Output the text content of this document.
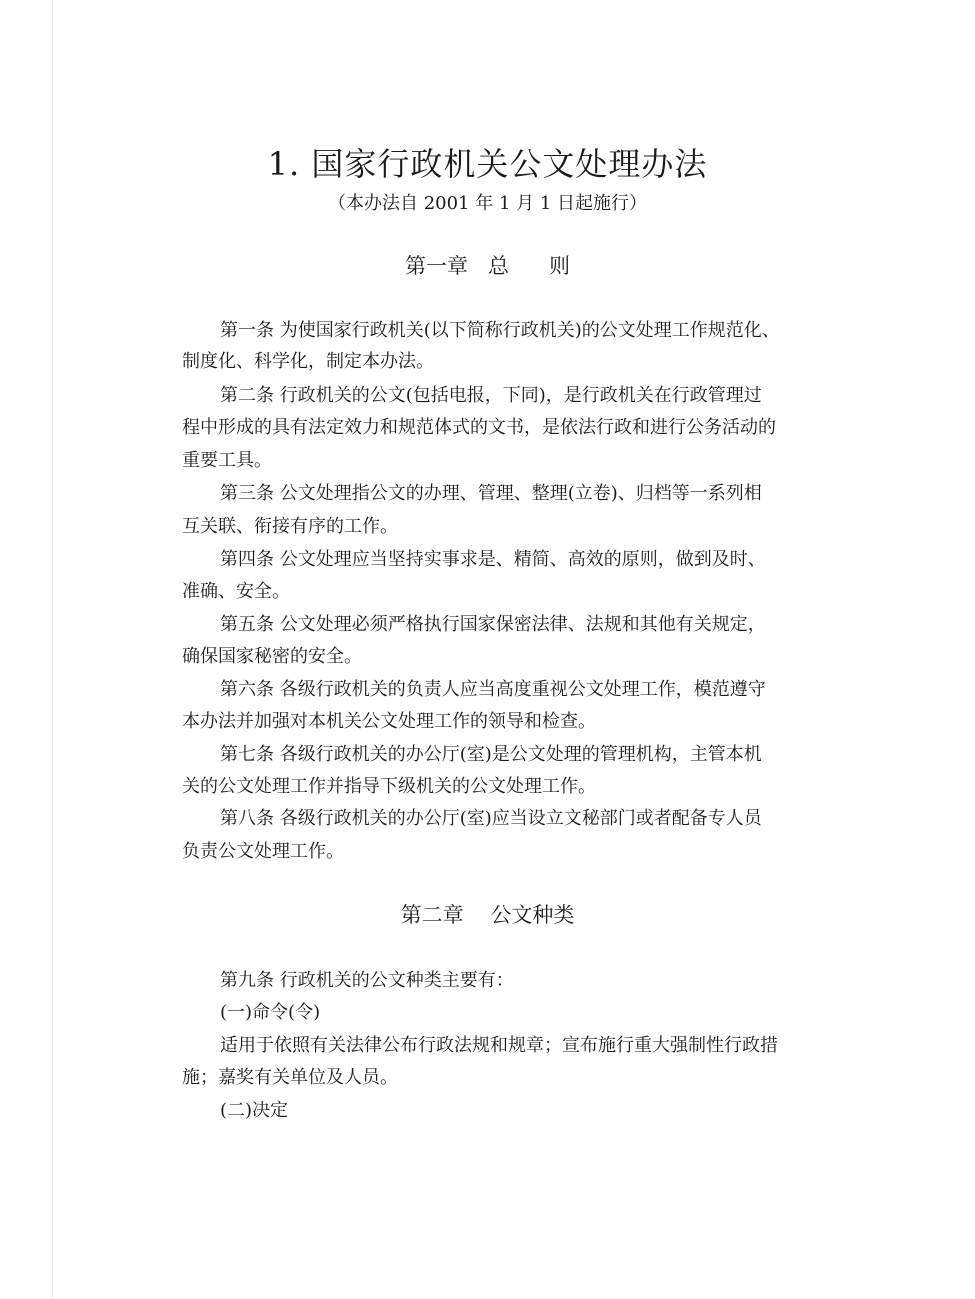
1. 国家行政机关公文处理办法
（本办法自 2001 年 1 月 1 日起施行）
第一章   总      则
第一条 为使国家行政机关(以下简称行政机关)的公文处理工作规范化、
制度化、科学化，制定本办法。
第二条 行政机关的公文(包括电报，下同)，是行政机关在行政管理过
程中形成的具有法定效力和规范体式的文书，是依法行政和进行公务活动的
重要工具。
第三条 公文处理指公文的办理、管理、整理(立卷)、归档等一系列相
互关联、衔接有序的工作。
第四条 公文处理应当坚持实事求是、精简、高效的原则，做到及时、
准确、安全。
第五条 公文处理必须严格执行国家保密法律、法规和其他有关规定，
确保国家秘密的安全。
第六条 各级行政机关的负责人应当高度重视公文处理工作，模范遵守
本办法并加强对本机关公文处理工作的领导和检查。
第七条 各级行政机关的办公厅(室)是公文处理的管理机构，主管本机
关的公文处理工作并指导下级机关的公文处理工作。
第八条 各级行政机关的办公厅(室)应当设立文秘部门或者配备专人员
负责公文处理工作。
第二章    公文种类
第九条 行政机关的公文种类主要有：
(一)命令(令)
适用于依照有关法律公布行政法规和规章；宣布施行重大强制性行政措
施；嘉奖有关单位及人员。
(二)决定
